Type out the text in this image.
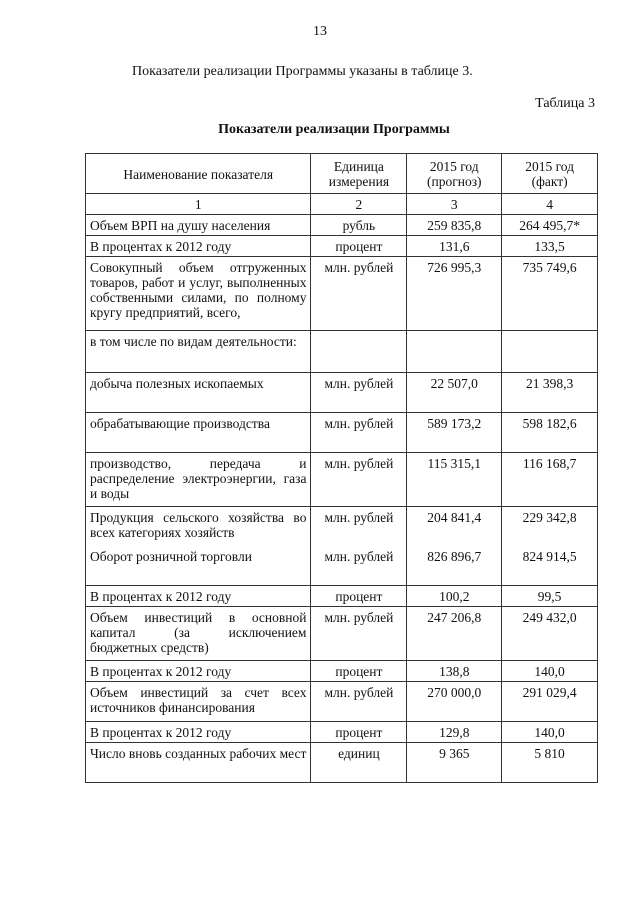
13
Показатели реализации Программы указаны в таблице 3.
Таблица 3
Показатели реализации Программы
Наименование показателя	Единица измерения	2015 год (прогноз)	2015 год (факт)
1	2	3	4
Объем ВРП на душу населения	рубль	259 835,8	264 495,7*
В процентах к 2012 году	процент	131,6	133,5
Совокупный объем отгруженных товаров, работ и услуг, выполненных собственными силами, по полному кругу предприятий, всего,	млн. рублей	726 995,3	735 749,6
в том числе по видам деятельности:			
добыча полезных ископаемых	млн. рублей	22 507,0	21 398,3
обрабатывающие производства	млн. рублей	589 173,2	598 182,6
производство, передача и распределение электроэнергии, газа и воды	млн. рублей	115 315,1	116 168,7
Продукция сельского хозяйства во всех категориях хозяйств	млн. рублей	204 841,4	229 342,8
Оборот розничной торговли	млн. рублей	826 896,7	824 914,5
В процентах к 2012 году	процент	100,2	99,5
Объем инвестиций в основной капитал (за исключением бюджетных средств)	млн. рублей	247 206,8	249 432,0
В процентах к 2012 году	процент	138,8	140,0
Объем инвестиций за счет всех источников финансирования	млн. рублей	270 000,0	291 029,4
В процентах к 2012 году	процент	129,8	140,0
Число вновь созданных рабочих мест	единиц	9 365	5 810
